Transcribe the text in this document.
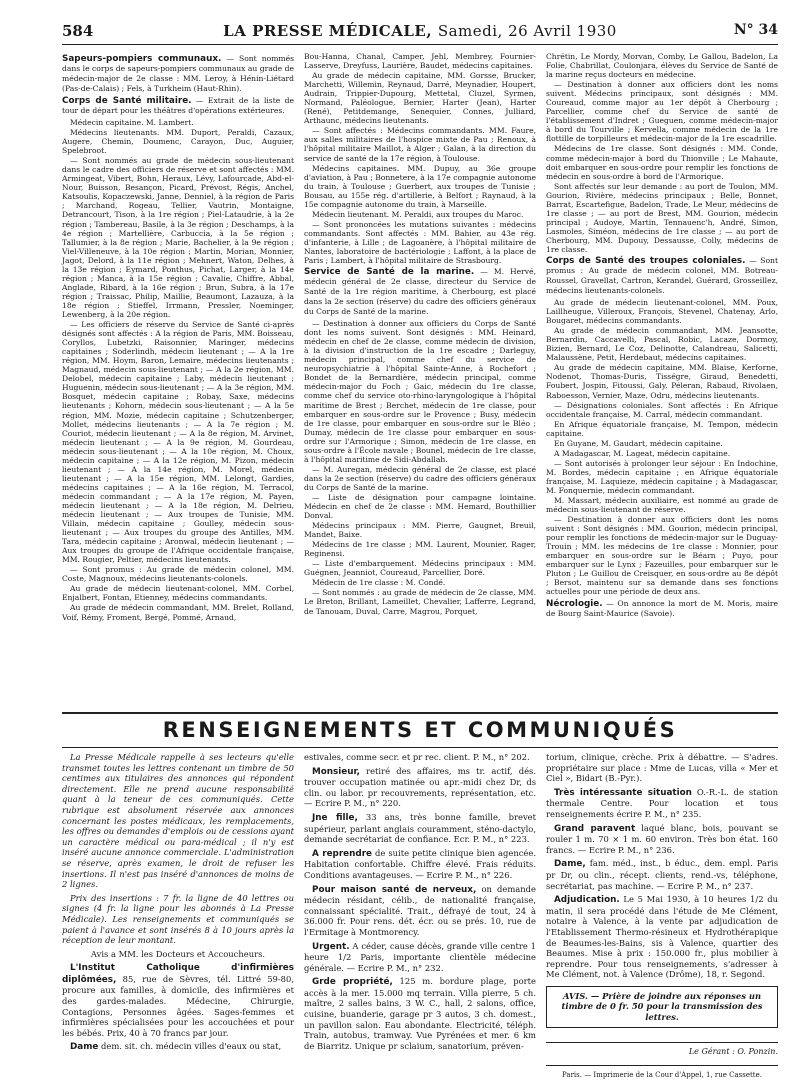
584	LA PRESSE MÉDICALE, Samedi, 26 Avril 1930	N° 34
Sapeurs-pompiers communaux. — Sont nommés dans le corps de sapeurs-pompiers communaux au grade de médecin-major de 2e classe : MM. Leroy, à Hénin-Liétard (Pas-de-Calais) ; Fels, à Turkheim (Haut-Rhin).
Corps de Santé militaire. — Extrait de la liste de tour de départ pour les théâtres d'opérations extérieures.

Médecin capitaine. M. Lambert.

Médecins lieutenants. MM. Duport, Peraldi, Cazaux, Augere, Chemin, Doumenc, Carayon, Duc, Auguier, Spelebroot.

— Sont nommés au grade de médecin sous-lieutenant dans le cadre des officiers de réserve et sont affectés : MM. Armingeat, Vibert, Bohn, Heraux, Lévy, Lafourcade, Abd-el-Nour, Buisson, Besançon, Picard, Prévost, Régis, Anchel, Katsoulis, Kopaczewski, Janne, Denniel, à la région de Paris ; Marchand, Rogeau, Tellier, Vautrin, Montaigne, Detrancourt, Tison, à la 1re région ; Piel-Lataudrie, à la 2e région ; Tambereau, Basile, à la 3e région ; Deschamps, à la 4e région ; Martellière, Carbuccia, à la 5e région ; Tallumier, à la 8e région ; Marie, Bachelier, à la 9e région ; Viel-Villeneuve, à la 10e région ; Martin, Morian, Monnier, Jagot, Delord, à la 11e région ; Mehnert, Waton, Delhes, à la 13e région ; Eymard, Ponthus, Pichat, Larger, à la 14e région ; Manca, à la 15e région ; Cavalie, Chiffre, Abbal, Anglade, Ribard, à la 16e région ; Brun, Subra, à la 17e région ; Traissac, Philip, Maillie, Beaumont, Lazauza, à la 18e région ; Stieffel, Irrmann, Pressler, Noeminger, Lewenberg, à la 20e région.

— Les officiers de réserve du Service de Santé ci-après désignés sont affectés : A la région de Paris, MM. Boisseau, Coryllos, Lubetzki, Raisonnier, Maringer, médecins capitaines ; Soderlindh, médecin lieutenant ; — A la 1re région, MM. Hoym, Baron, Lemaire, médecins lieutenants ; Magnaud, médecin sous-lieutenant ; — A la 2e région, MM. Delobel, médecin capitaine ; Laby, médecin lieutenant ; Huguenin, médecin sous-lieutenant ; — A la 3e région, MM. Bosquet, médecin capitaine ; Robay, Saxe, médecins lieutenants ; Kohorn, médecin sous-lieutenant ; — A la 5e région, MM. Mozie, médecin capitaine ; Schutzenberger, Mollet, médecins lieutenants ; — A la 7e région ; M. Couriot, médecin lieutenant ; — A la 8e région, M. Arvinet, médecin lieutenant ; — A la 9e région, M. Gourdeau, médecin sous-lieutenant ; — A la 10e région, M. Choux, médecin capitaine ; — A la 12e région, M. Pizon, médecin lieutenant ; — A la 14e région, M. Morel, médecin lieutenant ; — A la 15e région, MM. Lelongt, Gardies, médecins capitaines ; — A la 16e région, M. Terracol, médecin commandant ; — A la 17e région, M. Payen, médecin lieutenant ; — A la 18e région, M. Delrieu, médecin lieutenant ; — Aux troupes de Tunisie, MM. Villain, médecin capitaine ; Goulley, médecin sous-lieutenant ; — Aux troupes du groupe des Antilles, MM. Tara, médecin capitaine ; Aronwal, médecin lieutenant ; — Aux troupes du groupe de l'Afrique occidentale française, MM. Rougier, Peltier, médecins lieutenants.

— Sont promus : Au grade de médecin colonel, MM. Coste, Magnoux, médecins lieutenants-colonels.

Au grade de médecin lieutenant-colonel, MM. Corbel, Enjalbert, Fontan, Etienney, médecins commandants.

Au grade de médecin commandant, MM. Brelet, Rolland, Voif, Rémy, Froment, Bergé, Pommé, Arnaud,

Bou-Hanna, Chanal, Camper, Jehl, Membrey, Fournier-Lasserve, Dreyfuss, Laurière, Baudet, médecins capitaines.

Au grade de médecin capitaine, MM. Gorsse, Brucker, Marchetti, Willemin, Reynaud, Darré, Meynadier, Houpert, Audrain, Trippier-Dupourg, Mettetal, Cluzel, Syrmen, Normand, Paléologue, Bernier, Harter (Jean), Harter (René), Petitdemange, Senequier, Connes, Julliard, Arthaunc, médecins lieutenants.

— Sont affectés : Médecins commandants. MM. Faure, aux salles militaires de l'hospice mixte de Pau ; Renoux, à l'hôpital militaire Maillot, à Alger ; Galan, à la direction du service de santé de la 17e région, à Toulouse.

Médecins capitaines. MM. Dupuy, au 36e groupe d'aviation, à Pau ; Bonnetere, à la 17e compagnie autonome du train, à Toulouse ; Guerbert, aux troupes de Tunisie ; Bousau, au 155e rég. d'artillerie, à Belfort ; Raynaud, à la 15e compagnie autonome du train, à Marseille.

Médecin lieutenant. M. Peraldi, aux troupes du Maroc.

— Sont prononcées les mutations suivantes : médecins commandants. Sont affectés : MM. Bahier, au 43e rég. d'infanterie, à Lille ; de Lagoanère, à l'hôpital militaire de Nantes, laboratoire de bactériologie ; Laffont, à la place de Paris ; Lambert, à l'hôpital militaire de Strasbourg.

Service de Santé de la marine. — M. Hervé, médecin général de 2e classe, directeur du Service de Santé de la 1re région maritime, à Cherbourg, est placé dans la 2e section (réserve) du cadre des officiers généraux du Corps de Santé de la marine.

— Destination à donner aux officiers du Corps de Santé dont les noms suivent. Sont désignés : MM. Heinard, médecin en chef de 2e classe, comme médecin de division, à la division d'instruction de la 1re escadre ; Darleguy, médecin principal, comme chef du service de neuropsychiatrie à l'hôpital Sainte-Anne, à Rochefort ; Bondet de la Bernardière, médecin principal, comme médecin-major du Foch ; Gaic, médecin du 1re classe, comme chef du service oto-rhino-laryngologique à l'hôpital maritime de Brest ; Berchet, médecin de 1re classe, pour embarquer en sous-ordre sur le Provence ; Busy, médecin de 1re classe, pour embarquer en sous-ordre sur le Bléo ; Dumay, médecin de 1re classe pour embarquer en sous-ordre sur l'Armorique ; Simon, médecin de 1re classe, en sous-ordre à l'École navale ; Bounel, médecin de 1re classe, à l'hôpital maritime de Sidi-Abdallah.

— M. Auregan, médecin général de 2e classe, est placé dans la 2e section (réserve) du cadre des officiers généraux du Corps de Santé de la marine.

— Liste de désignation pour campagne lointaine. Médecin en chef de 2e classe : MM. Hemard, Bouthillier Donval.

Médecins principaux : MM. Pierre, Gaugnet, Breuil, Mandet, Baixe.

Médecins de 1re classe ; MM. Laurent, Mounier, Rager, Reginensi.

— Liste d'embarquement. Médecins principaux : MM. Guégnen, Jeanniot, Coureaud, Parcellier, Doré.

Médecin de 1re classe : M. Condé.

— Sont nommés : au grade de médecin de 2e classe, MM. Le Breton, Brillant, Lameillet, Chevalier, Lafferre, Legrand, de Tanouam, Duval, Carre, Magrou, Porquet,

Chrétin, Le Mordy, Morvan, Comby, Le Gallou, Badelon, La Folie, Chabrillat, Coulonjara, élèves du Service de Santé de la marine reçus docteurs en médecine.

— Destination à donner aux officiers dont les noms suivent. Médecins principaux, sont désignés : MM. Coureaud, comme major au 1er dépôt à Cherbourg ; Parcellier, comme chef du Service de santé de l'établissement d'Indret ; Gueguen, comme médecin-major à bord du Tourville ; Kervella, comme médecin de la 1re flottille de torpilleurs et médecin-major de la 1re escadrille.

Médecins de 1re classe. Sont désignés : MM. Conde, comme médecin-major à bord du Thionville ; Le Mahaute, doit embarquer en sous-ordre pour remplir les fonctions de médecin en sous-ordre à bord de l'Armorique.

Sont affectés sur leur demande : au port de Toulon, MM. Gourion, Rivière, médecins principaux ; Belle, Bonnet, Barrat, Escartefigue, Badelon, Trade, Le Meur, médecins de 1re classe ; — au port de Brest, MM. Gourion, médecin principal ; Audoye, Martin, Tennauenc'h, André, Simon, Lasmoles, Siméon, médecins de 1re classe ; — au port de Cherbourg, MM. Dupouy, Dessausse, Colly, médecins de 1re classe.

Corps de Santé des troupes coloniales. — Sont promus : Au grade de médecin colonel, MM. Botreau-Roussel, Gravellat, Cartron, Kerandel, Guérard, Grosseillez, médecins lieutenants-colonels.

Au grade de médecin lieutenant-colonel, MM. Poux, Laillheugue, Villeroux, François, Stevenel, Chatenay, Arlo, Bougaret, médecins commandants.

Au grade de médecin commandant, MM. Jeansotte, Bernardin, Caccavelli, Pascal, Robic, Lacaze, Dormoy, Bizien, Bernard, Le Coz, Delinotte, Calandreau, Salicetti, Malaussène, Petit, Herdebaut, médecins capitaines.

Au grade de médecin capitaine, MM. Blaise, Kerforne, Nodenot, Thomas-Duris, Tisségre, Giraud, Benedetti, Foubert, Jospin, Fitoussi, Galy, Péleran, Rabaud, Rivolaen, Raboesson, Vernier, Maze, Odru, médecins lieutenants.

— Désignations coloniales. Sont affectés : En Afrique occidentale française, M. Carral, médecin commandant.

En Afrique équatoriale française, M. Tempon, médecin capitaine.

En Guyane, M. Gaudart, médecin capitaine.

A Madagascar, M. Lageat, médecin capitaine.

— Sont autorisés à prolonger leur séjour : En Indochine, M. Bordes, médecin capitaine ; en Afrique équatoriale française, M. Laquieze, médecin capitaine ; à Madagascar, M. Fonquernie, médecin commandant.

M. Massart, médecin auxiliaire, est nommé au grade de médecin sous-lieutenant de réserve.

— Destination à donner aux officiers dont les noms suivent : Sont désignés : MM. Gourion, médecin principal, pour remplir les fonctions de médecin-major sur le Duguay-Trouin ; MM. les médecins de 1re classe : Monnier, pour embarquer en sous-ordre sur le Béarn ; Puyo, pour embarquer sur le Lynx ; Fazeuilles, pour embarquer sur le Pluton ; Le Guillou de Creisquer, en sous-ordre au 8e dépôt ; Bersot, maintenu sur sa demande dans ses fonctions actuelles pour une période de deux ans.

Nécrologie. — On annonce la mort de M. Moris, maire de Bourg Saint-Maurice (Savoie).
RENSEIGNEMENTS ET COMMUNIQUÉS

La Presse Médicale rappelle à ses lecteurs qu'elle transmet toutes les lettres contenant un timbre de 50 centimes aux titulaires des annonces qui répondent directement. Elle ne prend aucune responsabilité quant à la teneur de ces communiqués. Cette rubrique est absolument réservée aux annonces concernant les postes médicaux, les remplacements, les offres ou demandes d'emplois ou de cessions ayant un caractère médical ou para-médical ; il n'y est inséré aucune annonce commerciale. L'administration se réserve, après examen, le droit de refuser les insertions. Il n'est pas inséré d'annonces de moins de 2 lignes.

Prix des insertions : 7 fr. la ligne de 40 lettres ou signes (4 fr. la ligne pour les abonnés à La Presse Médicale). Les renseignements et communiqués se paient à l'avance et sont insérés 8 à 10 jours après la réception de leur montant.

Avis a MM. les Docteurs et Accoucheurs.

L'Institut Catholique d'infirmières diplômées, 85, rue de Sèvres, tél. Littré 59-80, procure aux familles, à domicile, des infirmières et des gardes-malades. Médecine, Chirurgie, Contagions, Personnes âgées. Sages-femmes et infirmières spécialisées pour les accouchées et pour les bébés. Prix, 40 à 70 francs par jour.

Dame dem. sit. ch. médecin villes d'eaux ou stat,

estivales, comme secr. et pr rec. client. P. M., n° 202.

Monsieur, retiré des affaires, ms tr. actif, dés. trouver occupation matinée ou apr.-midi chez Dr, ds clin. ou labor. pr recouvrements, représentation, etc. — Ecrire P. M., n° 220.

Jne fille, 33 ans, très bonne famille, brevet supérieur, parlant anglais couramment, sténo-dactylo, demande secrétariat de confiance. Ecr. P. M., n° 223.

A reprendre de suite petite clinique bien agencée. Habitation confortable. Chiffre élevé. Frais réduits. Conditions avantageuses. — Ecrire P. M., n° 226.

Pour maison santé de nerveux, on demande médecin résidant, célib., de nationalité française, connaissant spécialité. Trait., défrayé de tout, 24 à 36.000 fr. Pour rens. dét. écr. ou se prés. 10, rue de l'Ermitage à Montmorency.

Urgent. A céder, cause décès, grande ville centre 1 heure 1/2 Paris, importante clientèle médecine générale. — Ecrire P. M., n° 232.

Grde propriété, 125 m. bordure plage, porte accès à la mer. 15.000 mq terrain. Villa pierre, 5 ch. maître, 2 salles bains, 3 W. C., hall, 2 salons, office, cuisine, buanderie, garage pr 3 autos, 3 ch. domest., un pavillon salon. Eau abondante. Electricité, téléph. Train, autobus, tramway. Vue Pyrénées et mer. 6 km de Biarritz. Unique pr sclaium, sanatorium, préven-

torium, clinique, crèche. Prix à débattre. — S'adres. propriétaire sur place : Mme de Lucas, villa « Mer et Ciel », Bidart (B.-Pyr.).

Très intéressante situation O.-R.-L. de station thermale Centre. Pour location et tous renseignements écrire P. M., n° 235.

Grand paravent laqué blanc, bois, pouvant se rouler 1 m. 70 × 1 m. 60 environ. Très bon état. 160 francs. — Ecrire P. M., n° 236.

Dame, fam. méd., inst., b éduc., dem. empl. Paris pr Dr, ou clin., récept. clients, rend.-vs, téléphone, secrétariat, pas machine. — Ecrire P. M., n° 237.

Adjudication. Le 5 Mai 1930, à 10 heures 1/2 du matin, il sera procédé dans l'étude de Me Clément, notaire à Valence, à la vente par adjudication de l'Etablissement Thermo-résineux et Hydrothérapique de Beaumes-les-Bains, sis à Valence, quartier des Beaumes. Mise à prix : 150.000 fr., plus mobilier à reprendre. Pour tous renseignements, s'adresser à Me Clément, not. à Valence (Drôme), 18, r. Segond.

AVIS. — Prière de joindre aux réponses un timbre de 0 fr. 50 pour la transmission des lettres.
Le Gérant : O. Ponzin.
Paris. — Imprimerie de la Cour d'Appel, 1, rue Cassette.
